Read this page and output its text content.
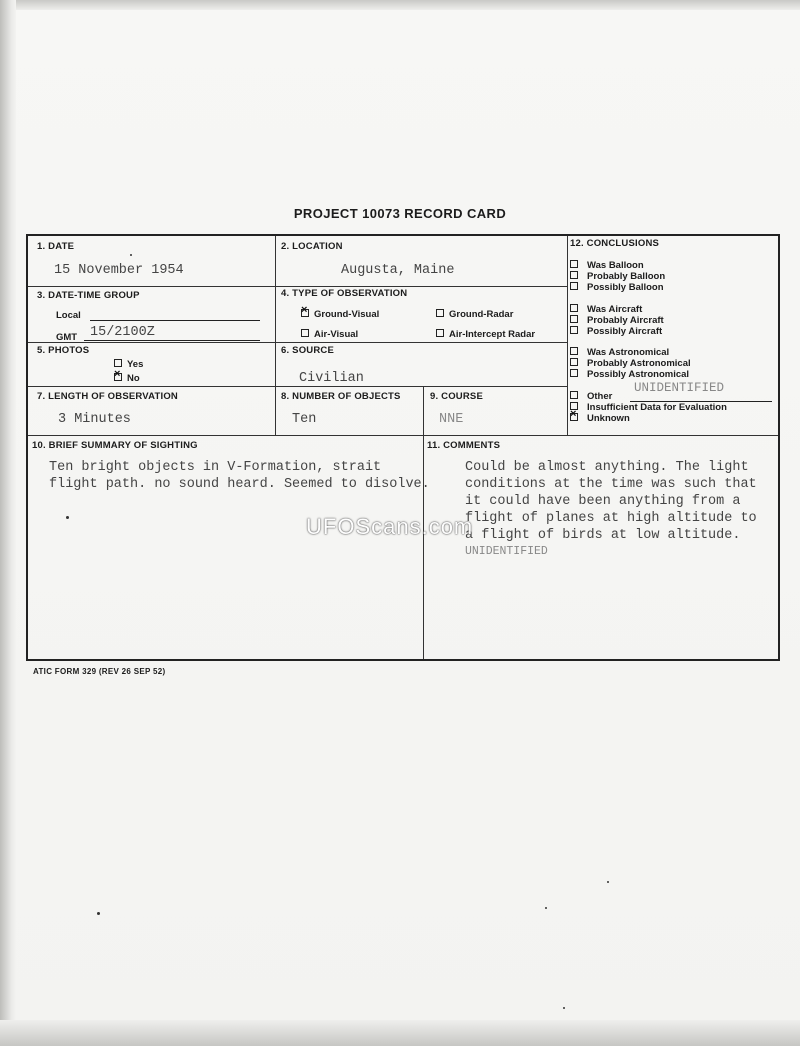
PROJECT 10073 RECORD CARD
1. DATE
15 November 1954
2. LOCATION
Augusta, Maine
3. DATE-TIME GROUP
Local
GMT 15/2100Z
4. TYPE OF OBSERVATION
×Ground-Visual	Ground-Radar
Air-Visual	Air-Intercept Radar
5. PHOTOS
Yes
×No
6. SOURCE
Civilian
7. LENGTH OF OBSERVATION
3 Minutes
8. NUMBER OF OBJECTS
Ten
9. COURSE
NNE
10. BRIEF SUMMARY OF SIGHTING
Ten bright objects in V-Formation, strait
flight path. no sound heard. Seemed to disolve.
11. COMMENTS
Could be almost anything. The light
conditions at the time was such that
it could have been anything from a
flight of planes at high altitude to
a flight of birds at low altitude.
UNIDENTIFIED
12. CONCLUSIONS
Was Balloon
Probably Balloon
Possibly Balloon
Was Aircraft
Probably Aircraft
Possibly Aircraft
Was Astronomical
Probably Astronomical
Possibly Astronomical
Other
UNIDENTIFIED
Insufficient Data for Evaluation
×Unknown
ATIC FORM 329 (REV 26 SEP 52)
UFOScans.com
